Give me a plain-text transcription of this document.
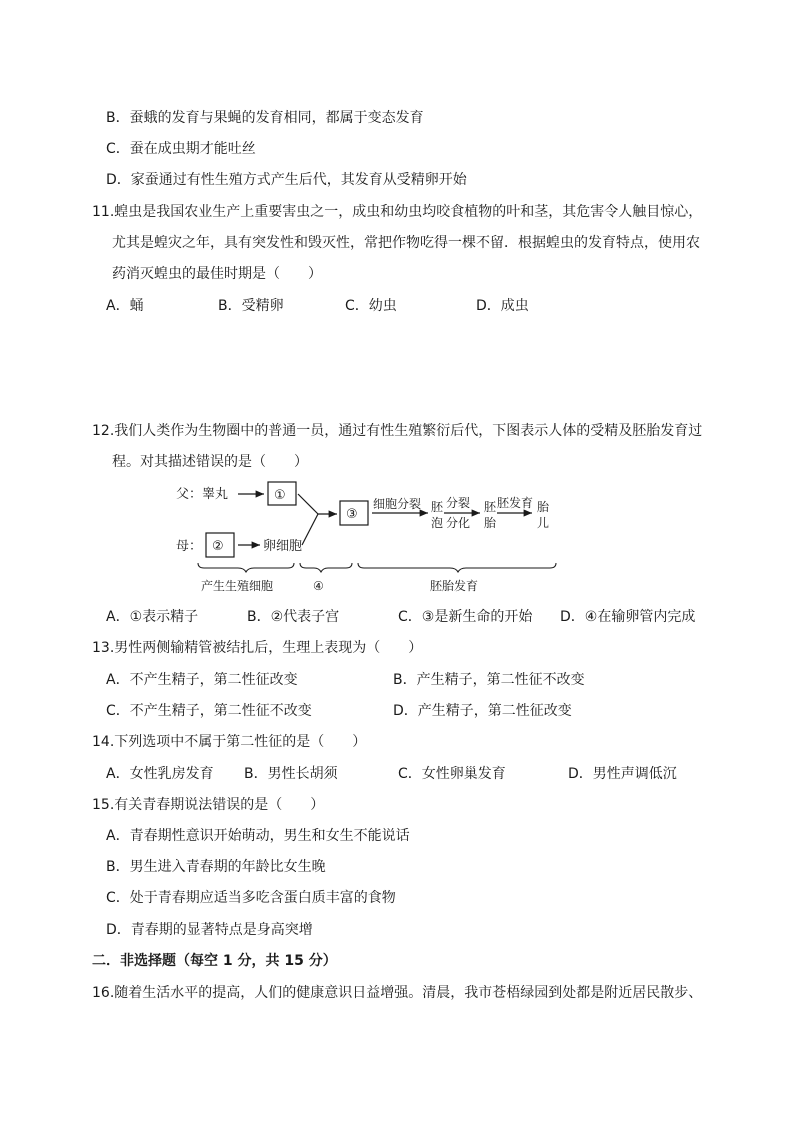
B．蚕蛾的发育与果蝇的发育相同，都属于变态发育
C．蚕在成虫期才能吐丝
D．家蚕通过有性生殖方式产生后代，其发育从受精卵开始
11.蝗虫是我国农业生产上重要害虫之一，成虫和幼虫均咬食植物的叶和茎，其危害令人触目惊心，
尤其是蝗灾之年，具有突发性和毁灭性，常把作物吃得一棵不留．根据蝗虫的发育特点，使用农
药消灭蝗虫的最佳时期是（　　）
A．蛹	B．受精卵	C．幼虫	D．成虫
12.我们人类作为生物圈中的普通一员，通过有性生殖繁衍后代，下图表示人体的受精及胚胎发育过
程。对其描述错误的是（　　）
父：睾丸	①
母： ②	卵细胞
③
细胞分裂 胚
泡
分裂
分化
胚
胎
胚发育 胎
儿
产生生殖细胞	④	胚胎发育
A．①表示精子	B．②代表子宫	C．③是新生命的开始 D．④在输卵管内完成
13.男性两侧输精管被结扎后，生理上表现为（　　）
A．不产生精子，第二性征改变	B．产生精子，第二性征不改变
C．不产生精子，第二性征不改变	D．产生精子，第二性征改变
14.下列选项中不属于第二性征的是（　　）
A．女性乳房发育 B．男性长胡须	C．女性卵巢发育	D．男性声调低沉
15.有关青春期说法错误的是（　　）
A．青春期性意识开始萌动，男生和女生不能说话
B．男生进入青春期的年龄比女生晚
C．处于青春期应适当多吃含蛋白质丰富的食物
D．青春期的显著特点是身高突增
二．非选择题（每空 1 分，共 15 分）
16.随着生活水平的提高，人们的健康意识日益增强。清晨，我市苍梧绿园到处都是附近居民散步、
